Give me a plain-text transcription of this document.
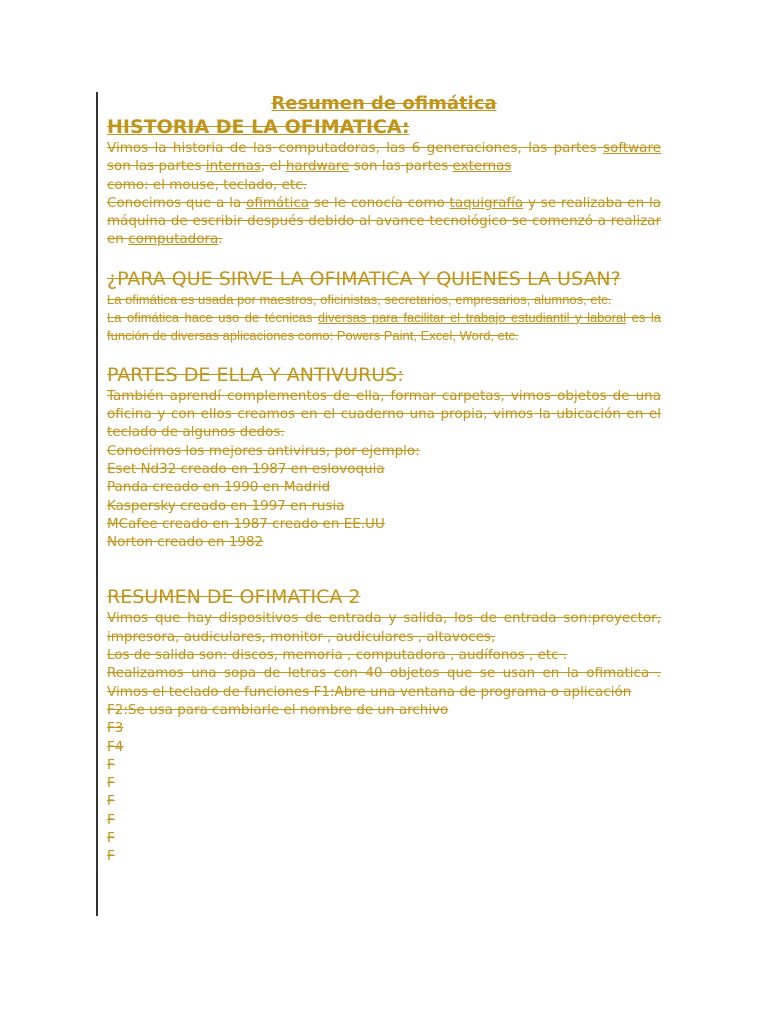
Resumen de ofimática
HISTORIA DE LA OFIMATICA:
Vimos la historia de las computadoras, las 6 generaciones, las partes software son las partes internas, el hardware son las partes externas
como: el mouse, teclado, etc.
Conocimos que a la ofimática se le conocía como taquigrafía y se realizaba en la máquina de escribir después debido al avance tecnológico se comenzó a realizar en computadora.
¿PARA QUE SIRVE LA OFIMATICA Y QUIENES LA USAN?
La ofimática es usada por maestros, oficinistas, secretarios, empresarios, alumnos, etc.
La ofimática hace uso de técnicas diversas para facilitar el trabajo estudiantil y laboral es la función de diversas aplicaciones como: Powers Paint, Excel, Word, etc.
PARTES DE ELLA Y ANTIVURUS:
También aprendí complementos de ella, formar carpetas, vimos objetos de una oficina y con ellos creamos en el cuaderno una propia, vimos la ubicación en el teclado de algunos dedos.
Conocimos los mejores antivirus, por ejemplo:
Eset Nd32 creado en 1987 en eslovoquia
Panda creado en 1990 en Madrid
Kaspersky creado en 1997 en rusia
MCafee creado en 1987 creado en EE.UU
Norton creado en 1982
RESUMEN DE OFIMATICA 2
Vimos que hay dispositivos de entrada y salida, los de entrada son:proyector, impresora, audiculares, monitor , audiculares , altavoces,
Los de salida son: discos, memoria , computadora , audífonos , etc .
Realizamos una sopa de letras con 40 objetos que se usan en la ofimatica . Vimos el teclado de funciones F1:Abre una ventana de programa o aplicación
F2:Se usa para cambiarle el nombre de un archivo
F3
F4
F
F
F
F
F
F
